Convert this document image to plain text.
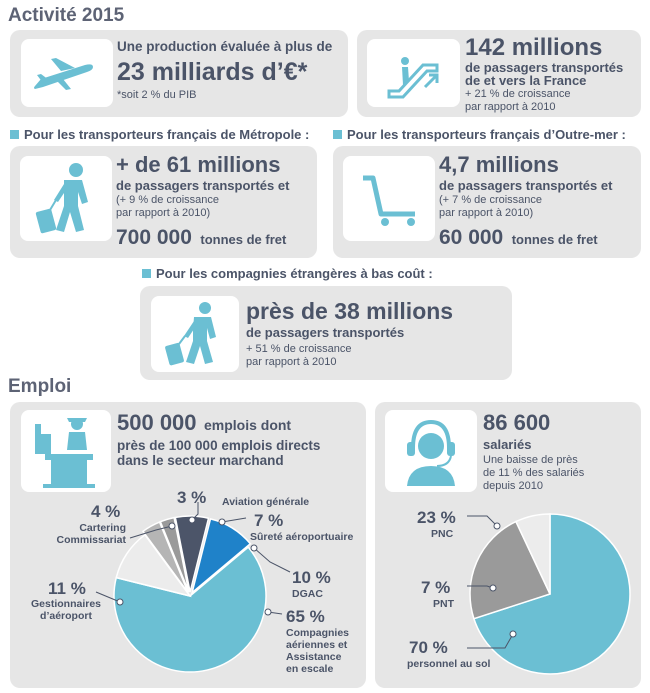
Activité 2015
Une production évaluée à plus de
23 milliards d’€*
*soit 2 % du PIB
142 millions
de passagers transportés
de et vers la France
+ 21 % de croissance
par rapport à 2010
Pour les transporteurs français de Métropole :	Pour les transporteurs français d’Outre-mer :
+ de 61 millions
de passagers transportés et
(+ 9 % de croissance
par rapport à 2010)
700 000 tonnes de fret
4,7 millions
de passagers transportés et
(+ 7 % de croissance
par rapport à 2010)
60 000 tonnes de fret
Pour les compagnies étrangères à bas coût :
près de 38 millions
de passagers transportés
+ 51 % de croissance
par rapport à 2010
Emploi
500 000 emplois dont
près de 100 000 emplois directs
dans le secteur marchand
3 % Aviation générale
7 %
Sûreté aéroportuaire
10 %
DGAC
65 %
Compagnies
aériennes et
Assistance
en escale
11 %
Gestionnaires
d’aéroport
4 %
Cartering
Commissariat
86 600
salariés
Une baisse de près
de 11 % des salariés
depuis 2010
23 %
PNC
7 %
PNT
70 %
personnel au sol
